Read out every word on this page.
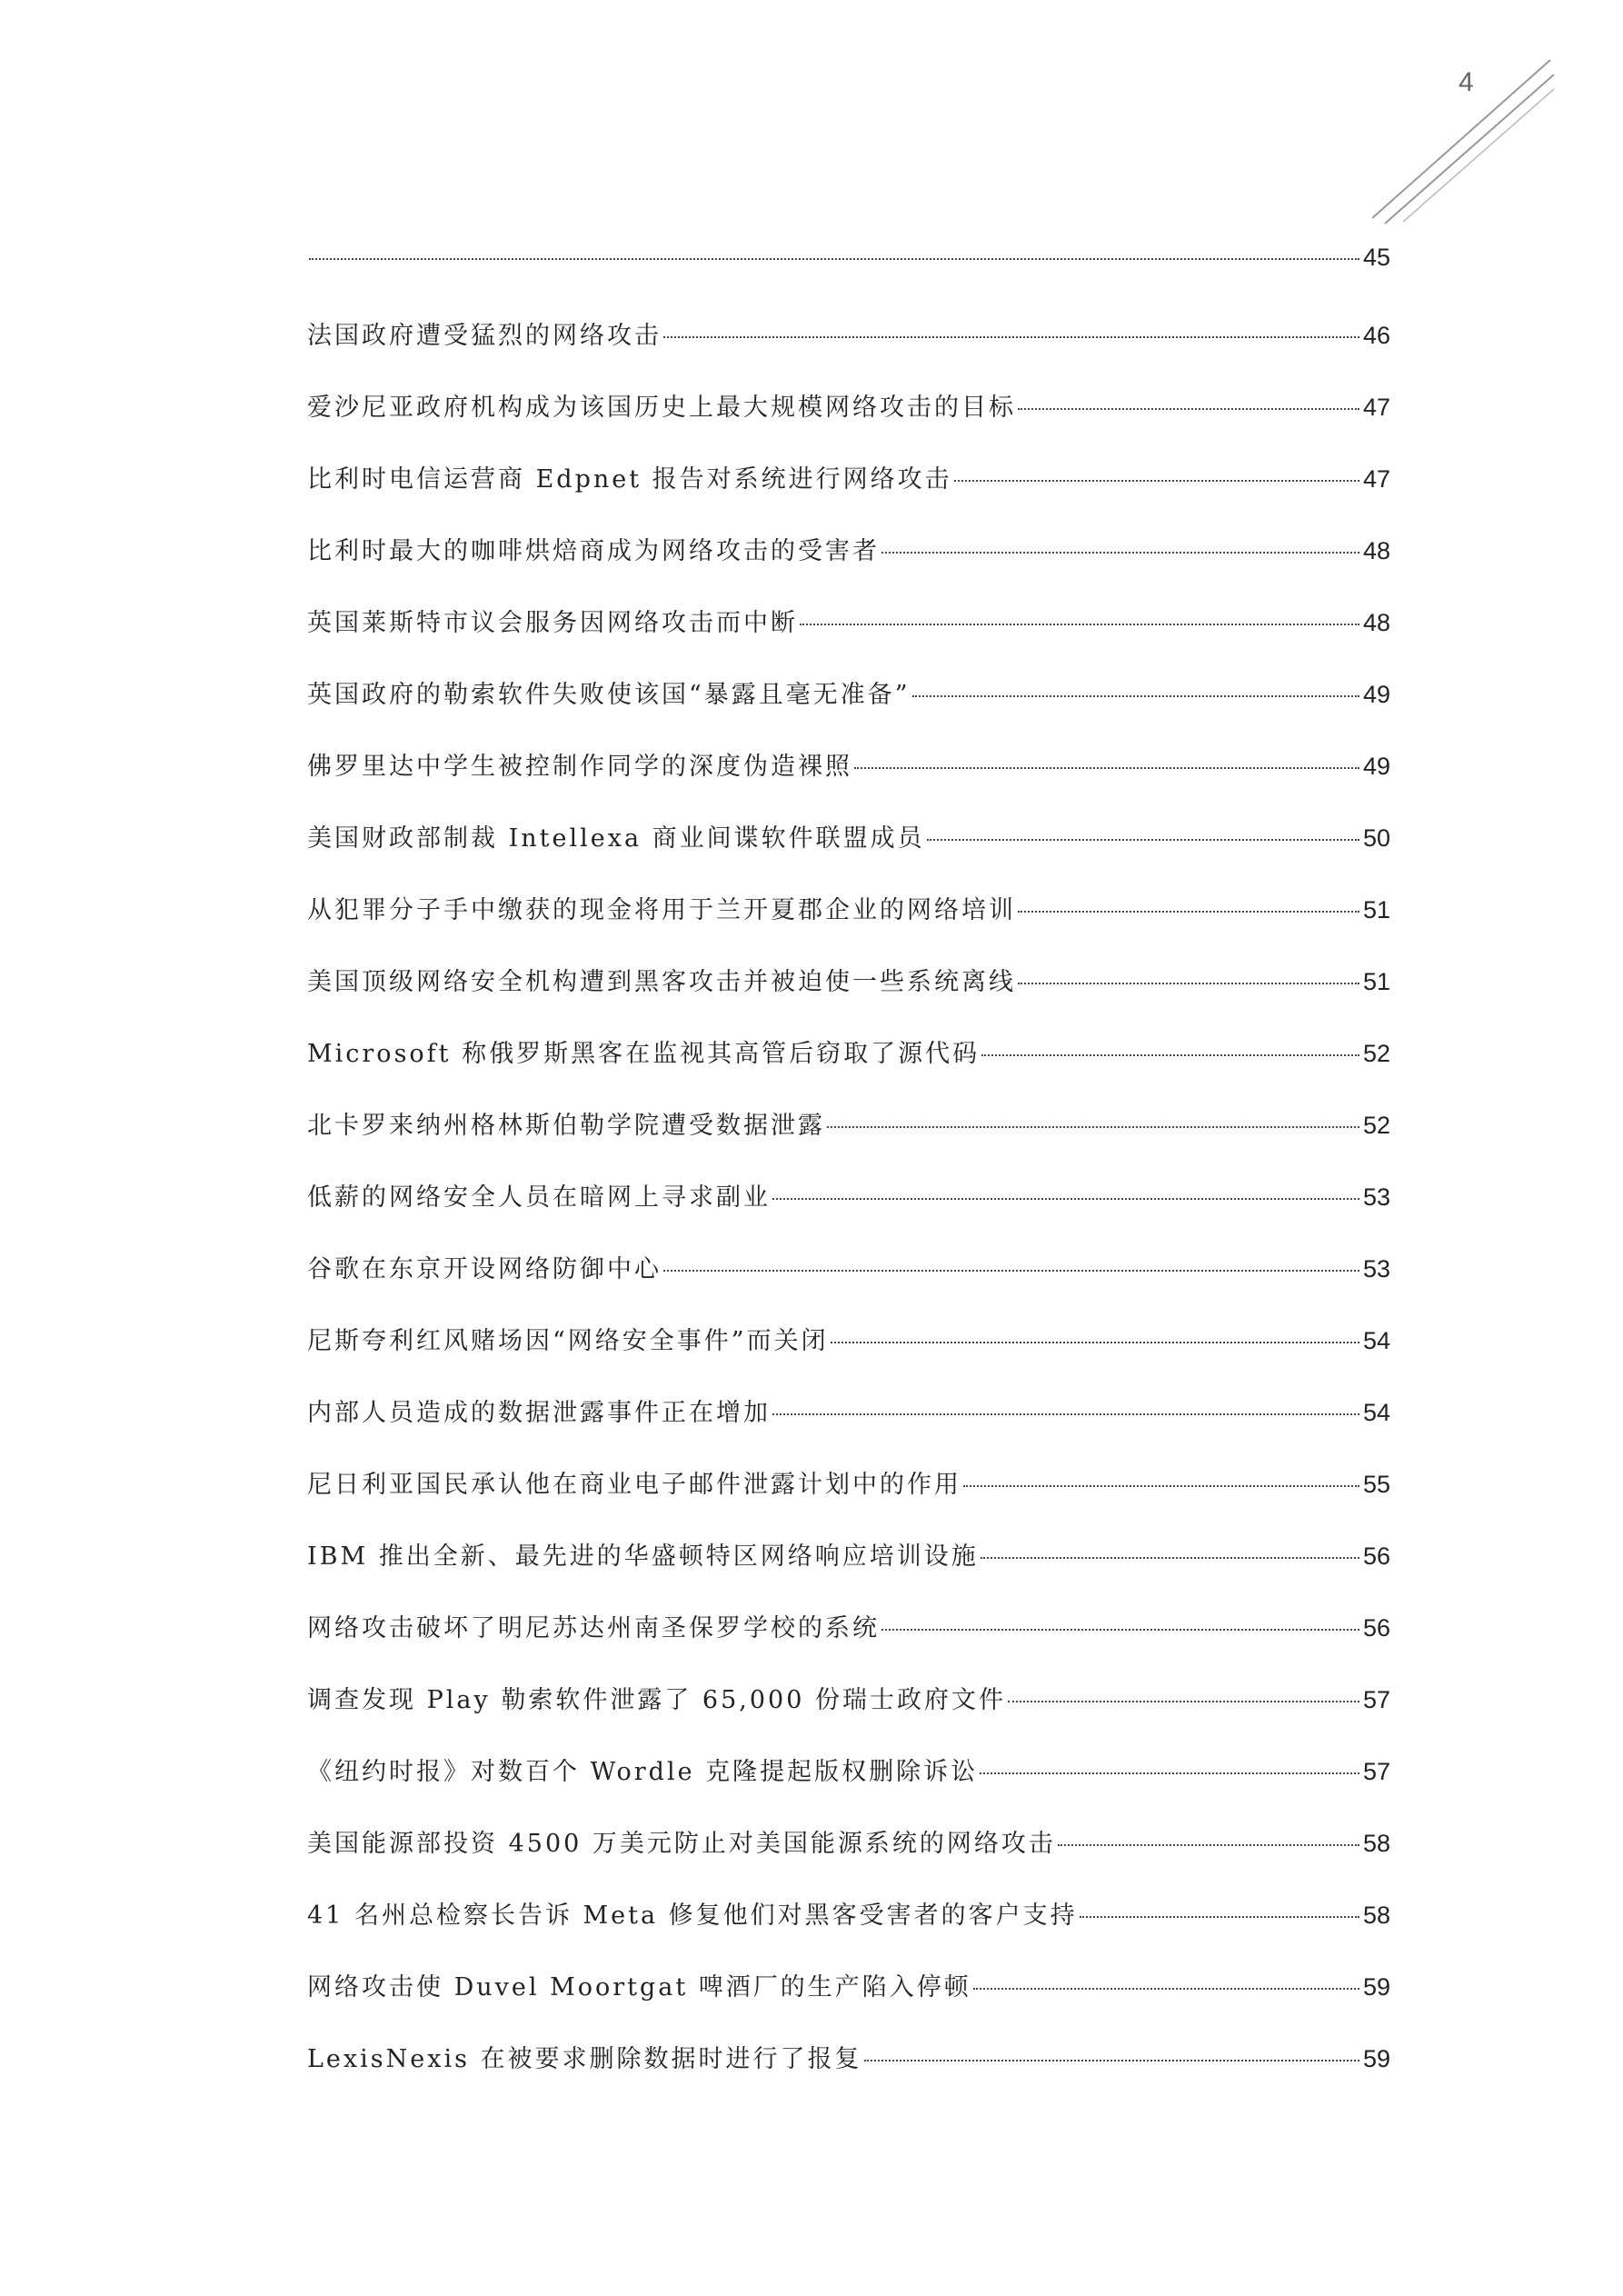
4
45
法国政府遭受猛烈的网络攻击	46
爱沙尼亚政府机构成为该国历史上最大规模网络攻击的目标	47
比利时电信运营商 Edpnet 报告对系统进行网络攻击	47
比利时最大的咖啡烘焙商成为网络攻击的受害者	48
英国莱斯特市议会服务因网络攻击而中断	48
英国政府的勒索软件失败使该国“暴露且毫无准备”	49
佛罗里达中学生被控制作同学的深度伪造裸照	49
美国财政部制裁 Intellexa 商业间谍软件联盟成员	50
从犯罪分子手中缴获的现金将用于兰开夏郡企业的网络培训	51
美国顶级网络安全机构遭到黑客攻击并被迫使一些系统离线	51
Microsoft 称俄罗斯黑客在监视其高管后窃取了源代码	52
北卡罗来纳州格林斯伯勒学院遭受数据泄露	52
低薪的网络安全人员在暗网上寻求副业	53
谷歌在东京开设网络防御中心	53
尼斯夸利红风赌场因“网络安全事件”而关闭	54
内部人员造成的数据泄露事件正在增加	54
尼日利亚国民承认他在商业电子邮件泄露计划中的作用	55
IBM 推出全新、最先进的华盛顿特区网络响应培训设施	56
网络攻击破坏了明尼苏达州南圣保罗学校的系统	56
调查发现 Play 勒索软件泄露了 65,000 份瑞士政府文件	57
《纽约时报》对数百个 Wordle 克隆提起版权删除诉讼	57
美国能源部投资 4500 万美元防止对美国能源系统的网络攻击	58
41 名州总检察长告诉 Meta 修复他们对黑客受害者的客户支持	58
网络攻击使 Duvel Moortgat 啤酒厂的生产陷入停顿	59
LexisNexis 在被要求删除数据时进行了报复	59
